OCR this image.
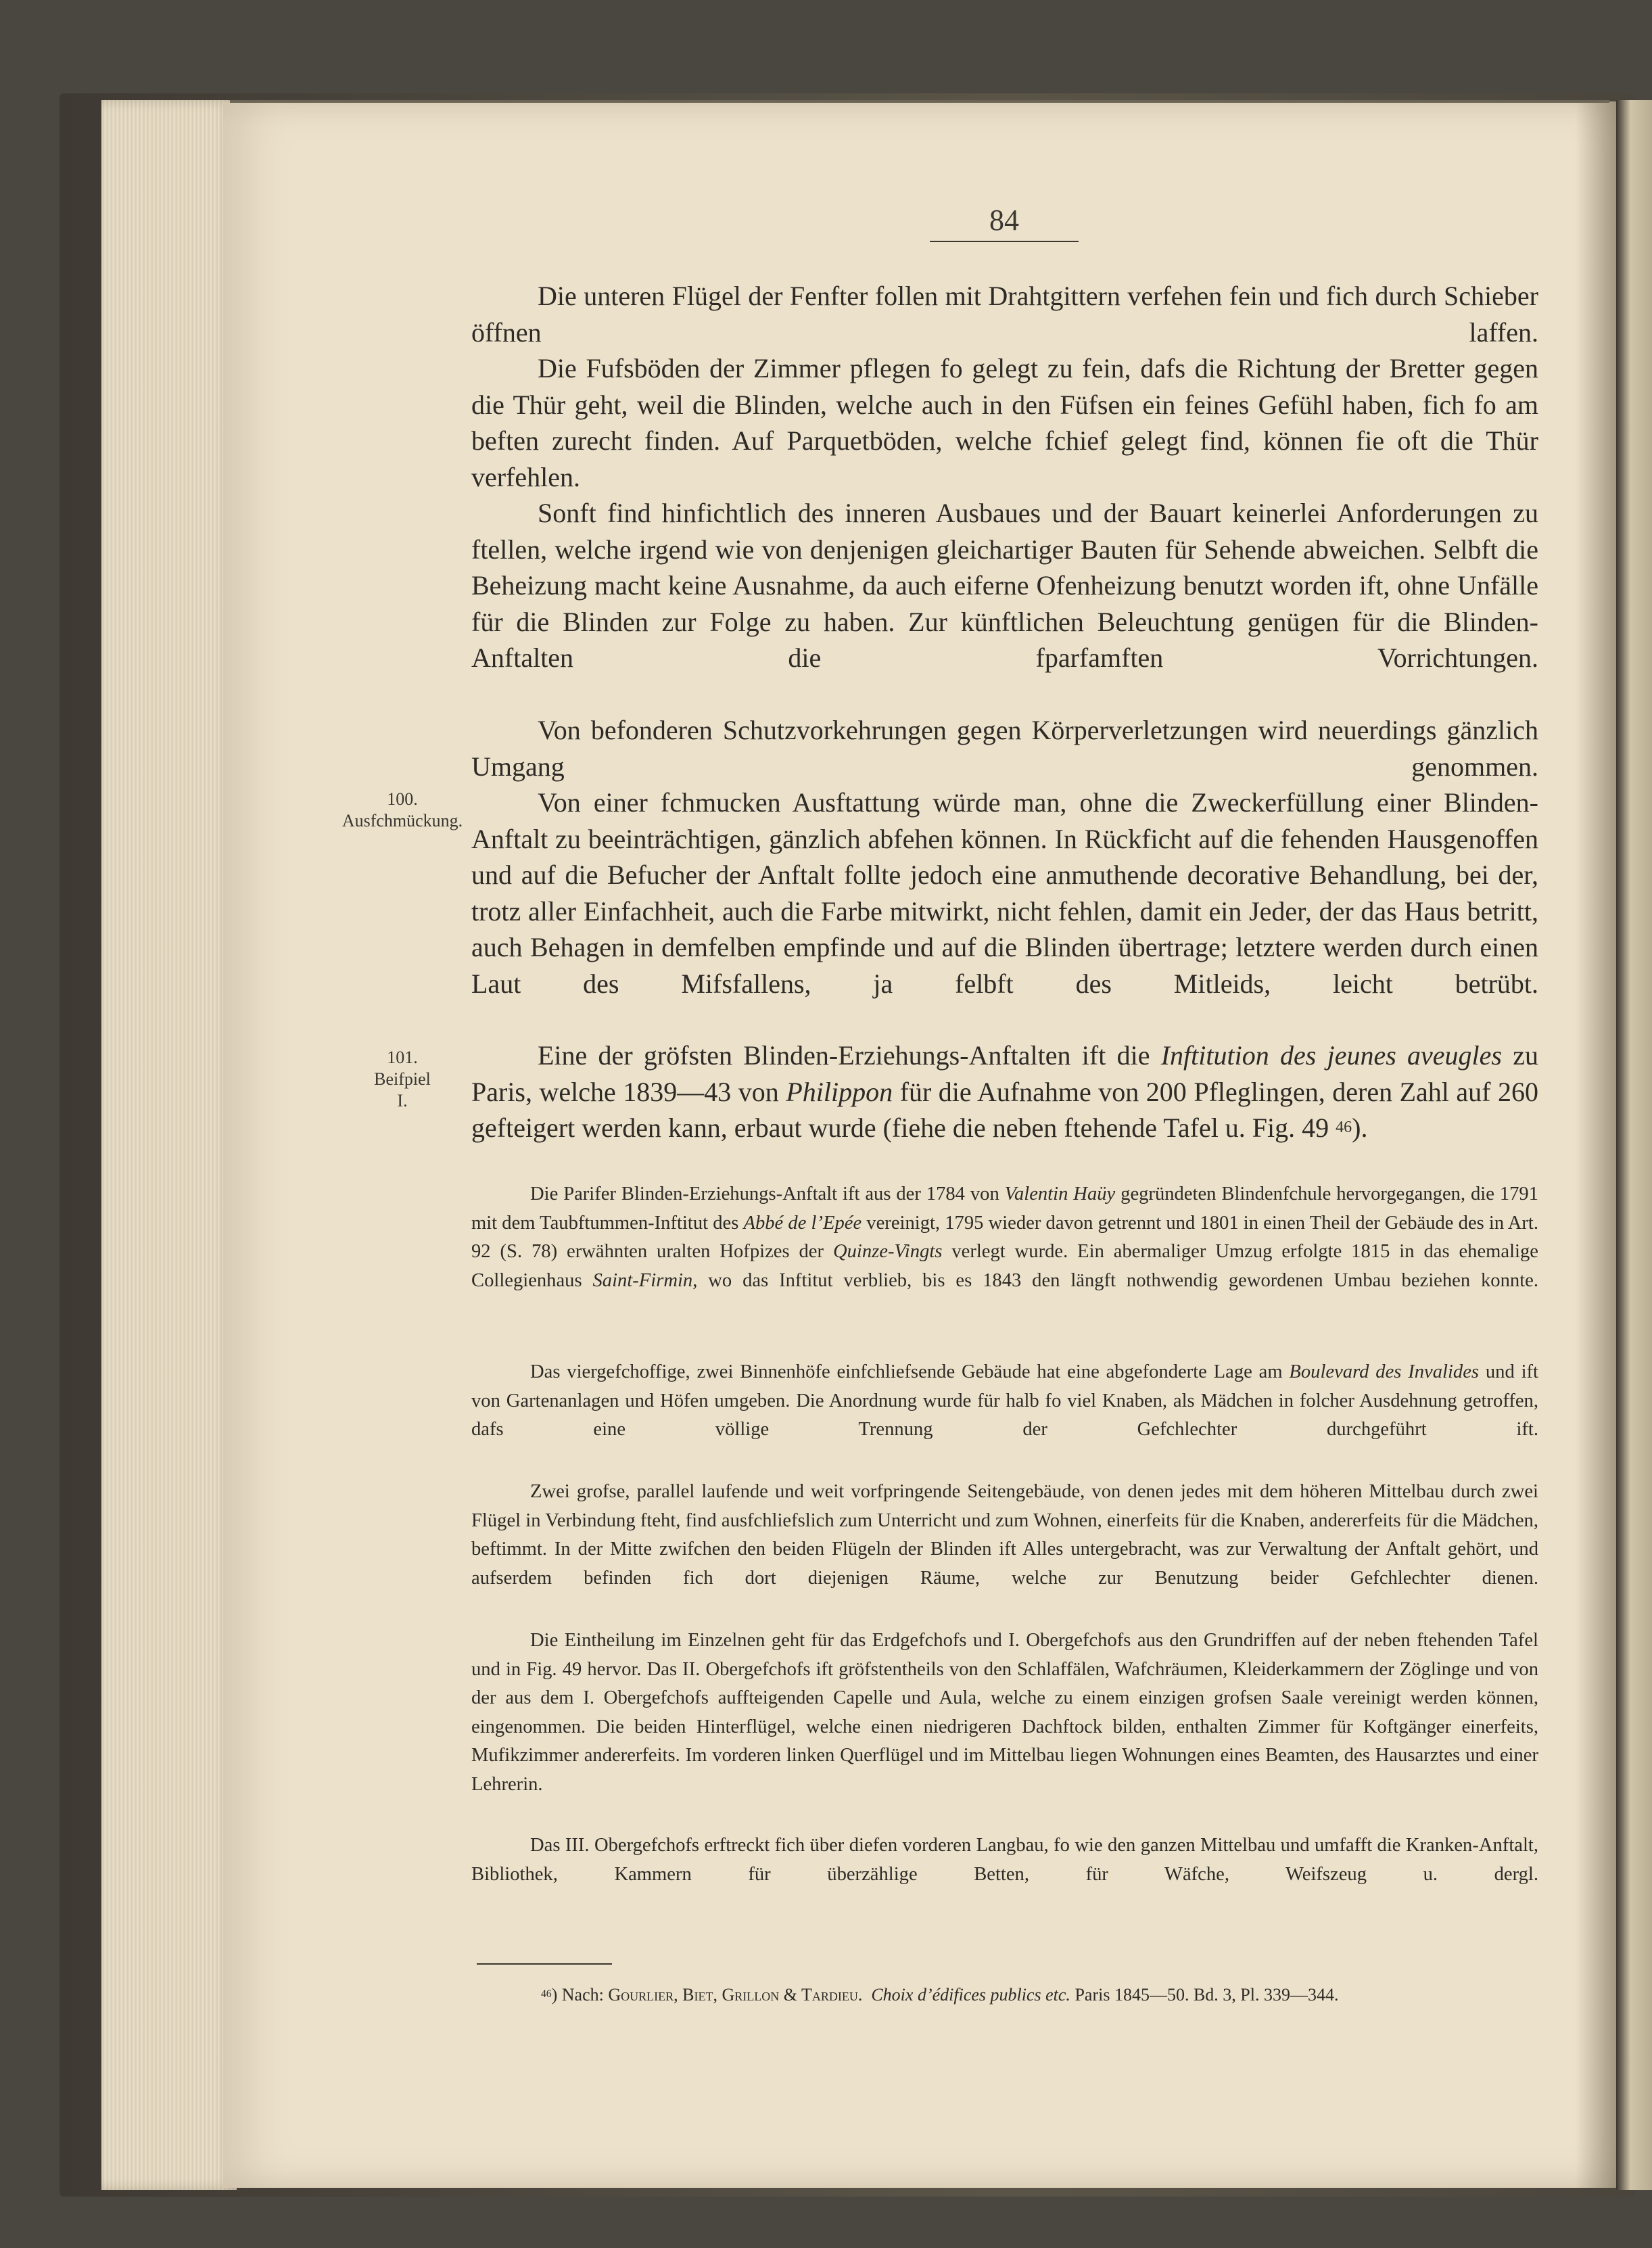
84

Die unteren Flügel der Fenfter follen mit Drahtgittern verfehen fein und fich durch Schieber öffnen laffen.

Die Fufsböden der Zimmer pflegen fo gelegt zu fein, dafs die Richtung der Bretter gegen die Thür geht, weil die Blinden, welche auch in den Füfsen ein feines Gefühl haben, fich fo am beften zurecht finden. Auf Parquetböden, welche fchief gelegt find, können fie oft die Thür verfehlen.

Sonft find hinfichtlich des inneren Ausbaues und der Bauart keinerlei Anforderungen zu ftellen, welche irgend wie von denjenigen gleichartiger Bauten für Sehende abweichen. Selbft die Beheizung macht keine Ausnahme, da auch eiferne Ofenheizung benutzt worden ift, ohne Unfälle für die Blinden zur Folge zu haben. Zur künftlichen Beleuchtung genügen für die Blinden-Anftalten die fparfamften Vorrichtungen.

Von befonderen Schutzvorkehrungen gegen Körperverletzungen wird neuerdings gänzlich Umgang genommen.

Von einer fchmucken Ausftattung würde man, ohne die Zweckerfüllung einer Blinden-Anftalt zu beeinträchtigen, gänzlich abfehen können. In Rückficht auf die fehenden Hausgenoffen und auf die Befucher der Anftalt follte jedoch eine anmuthende decorative Behandlung, bei der, trotz aller Einfachheit, auch die Farbe mitwirkt, nicht fehlen, damit ein Jeder, der das Haus betritt, auch Behagen in demfelben empfinde und auf die Blinden übertrage; letztere werden durch einen Laut des Mifsfallens, ja felbft des Mitleids, leicht betrübt.

Eine der gröfsten Blinden-Erziehungs-Anftalten ift die Inftitution des jeunes aveugles zu Paris, welche 1839—43 von Philippon für die Aufnahme von 200 Pfleglingen, deren Zahl auf 260 gefteigert werden kann, erbaut wurde (fiehe die neben ftehende Tafel u. Fig. 49 $^{46}$).

Die Parifer Blinden-Erziehungs-Anftalt ift aus der 1784 von Valentin Haüy gegründeten Blindenfchule hervorgegangen, die 1791 mit dem Taubftummen-Inftitut des Abbé de l’Epée vereinigt, 1795 wieder davon getrennt und 1801 in einen Theil der Gebäude des in Art. 92 (S. 78) erwähnten uralten Hofpizes der Quinze-Vingts verlegt wurde. Ein abermaliger Umzug erfolgte 1815 in das ehemalige Collegienhaus Saint-Firmin, wo das Inftitut verblieb, bis es 1843 den längft nothwendig gewordenen Umbau beziehen konnte.

Das viergefchoffige, zwei Binnenhöfe einfchliefsende Gebäude hat eine abgefonderte Lage am Boulevard des Invalides und ift von Gartenanlagen und Höfen umgeben. Die Anordnung wurde für halb fo viel Knaben, als Mädchen in folcher Ausdehnung getroffen, dafs eine völlige Trennung der Gefchlechter durchgeführt ift.

Zwei grofse, parallel laufende und weit vorfpringende Seitengebäude, von denen jedes mit dem höheren Mittelbau durch zwei Flügel in Verbindung fteht, find ausfchliefslich zum Unterricht und zum Wohnen, einerfeits für die Knaben, andererfeits für die Mädchen, beftimmt. In der Mitte zwifchen den beiden Flügeln der Blinden ift Alles untergebracht, was zur Verwaltung der Anftalt gehört, und aufserdem befinden fich dort diejenigen Räume, welche zur Benutzung beider Gefchlechter dienen.

Die Eintheilung im Einzelnen geht für das Erdgefchofs und I. Obergefchofs aus den Grundriffen auf der neben ftehenden Tafel und in Fig. 49 hervor. Das II. Obergefchofs ift gröfstentheils von den Schlaffälen, Wafchräumen, Kleiderkammern der Zöglinge und von der aus dem I. Obergefchofs auffteigenden Capelle und Aula, welche zu einem einzigen grofsen Saale vereinigt werden können, eingenommen. Die beiden Hinterflügel, welche einen niedrigeren Dachftock bilden, enthalten Zimmer für Koftgänger einerfeits, Mufikzimmer andererfeits. Im vorderen linken Querflügel und im Mittelbau liegen Wohnungen eines Beamten, des Hausarztes und einer Lehrerin.

Das III. Obergefchofs erftreckt fich über diefen vorderen Langbau, fo wie den ganzen Mittelbau und umfafft die Kranken-Anftalt, Bibliothek, Kammern für überzählige Betten, für Wäfche, Weifszeug u. dergl.

100.
Ausfchmückung.
101.
Beifpiel
I.
$^{46}$) Nach: Gourlier, Biet, Grillon & Tardieu. Choix d’édifices publics etc. Paris 1845—50. Bd. 3, Pl. 339—344.
